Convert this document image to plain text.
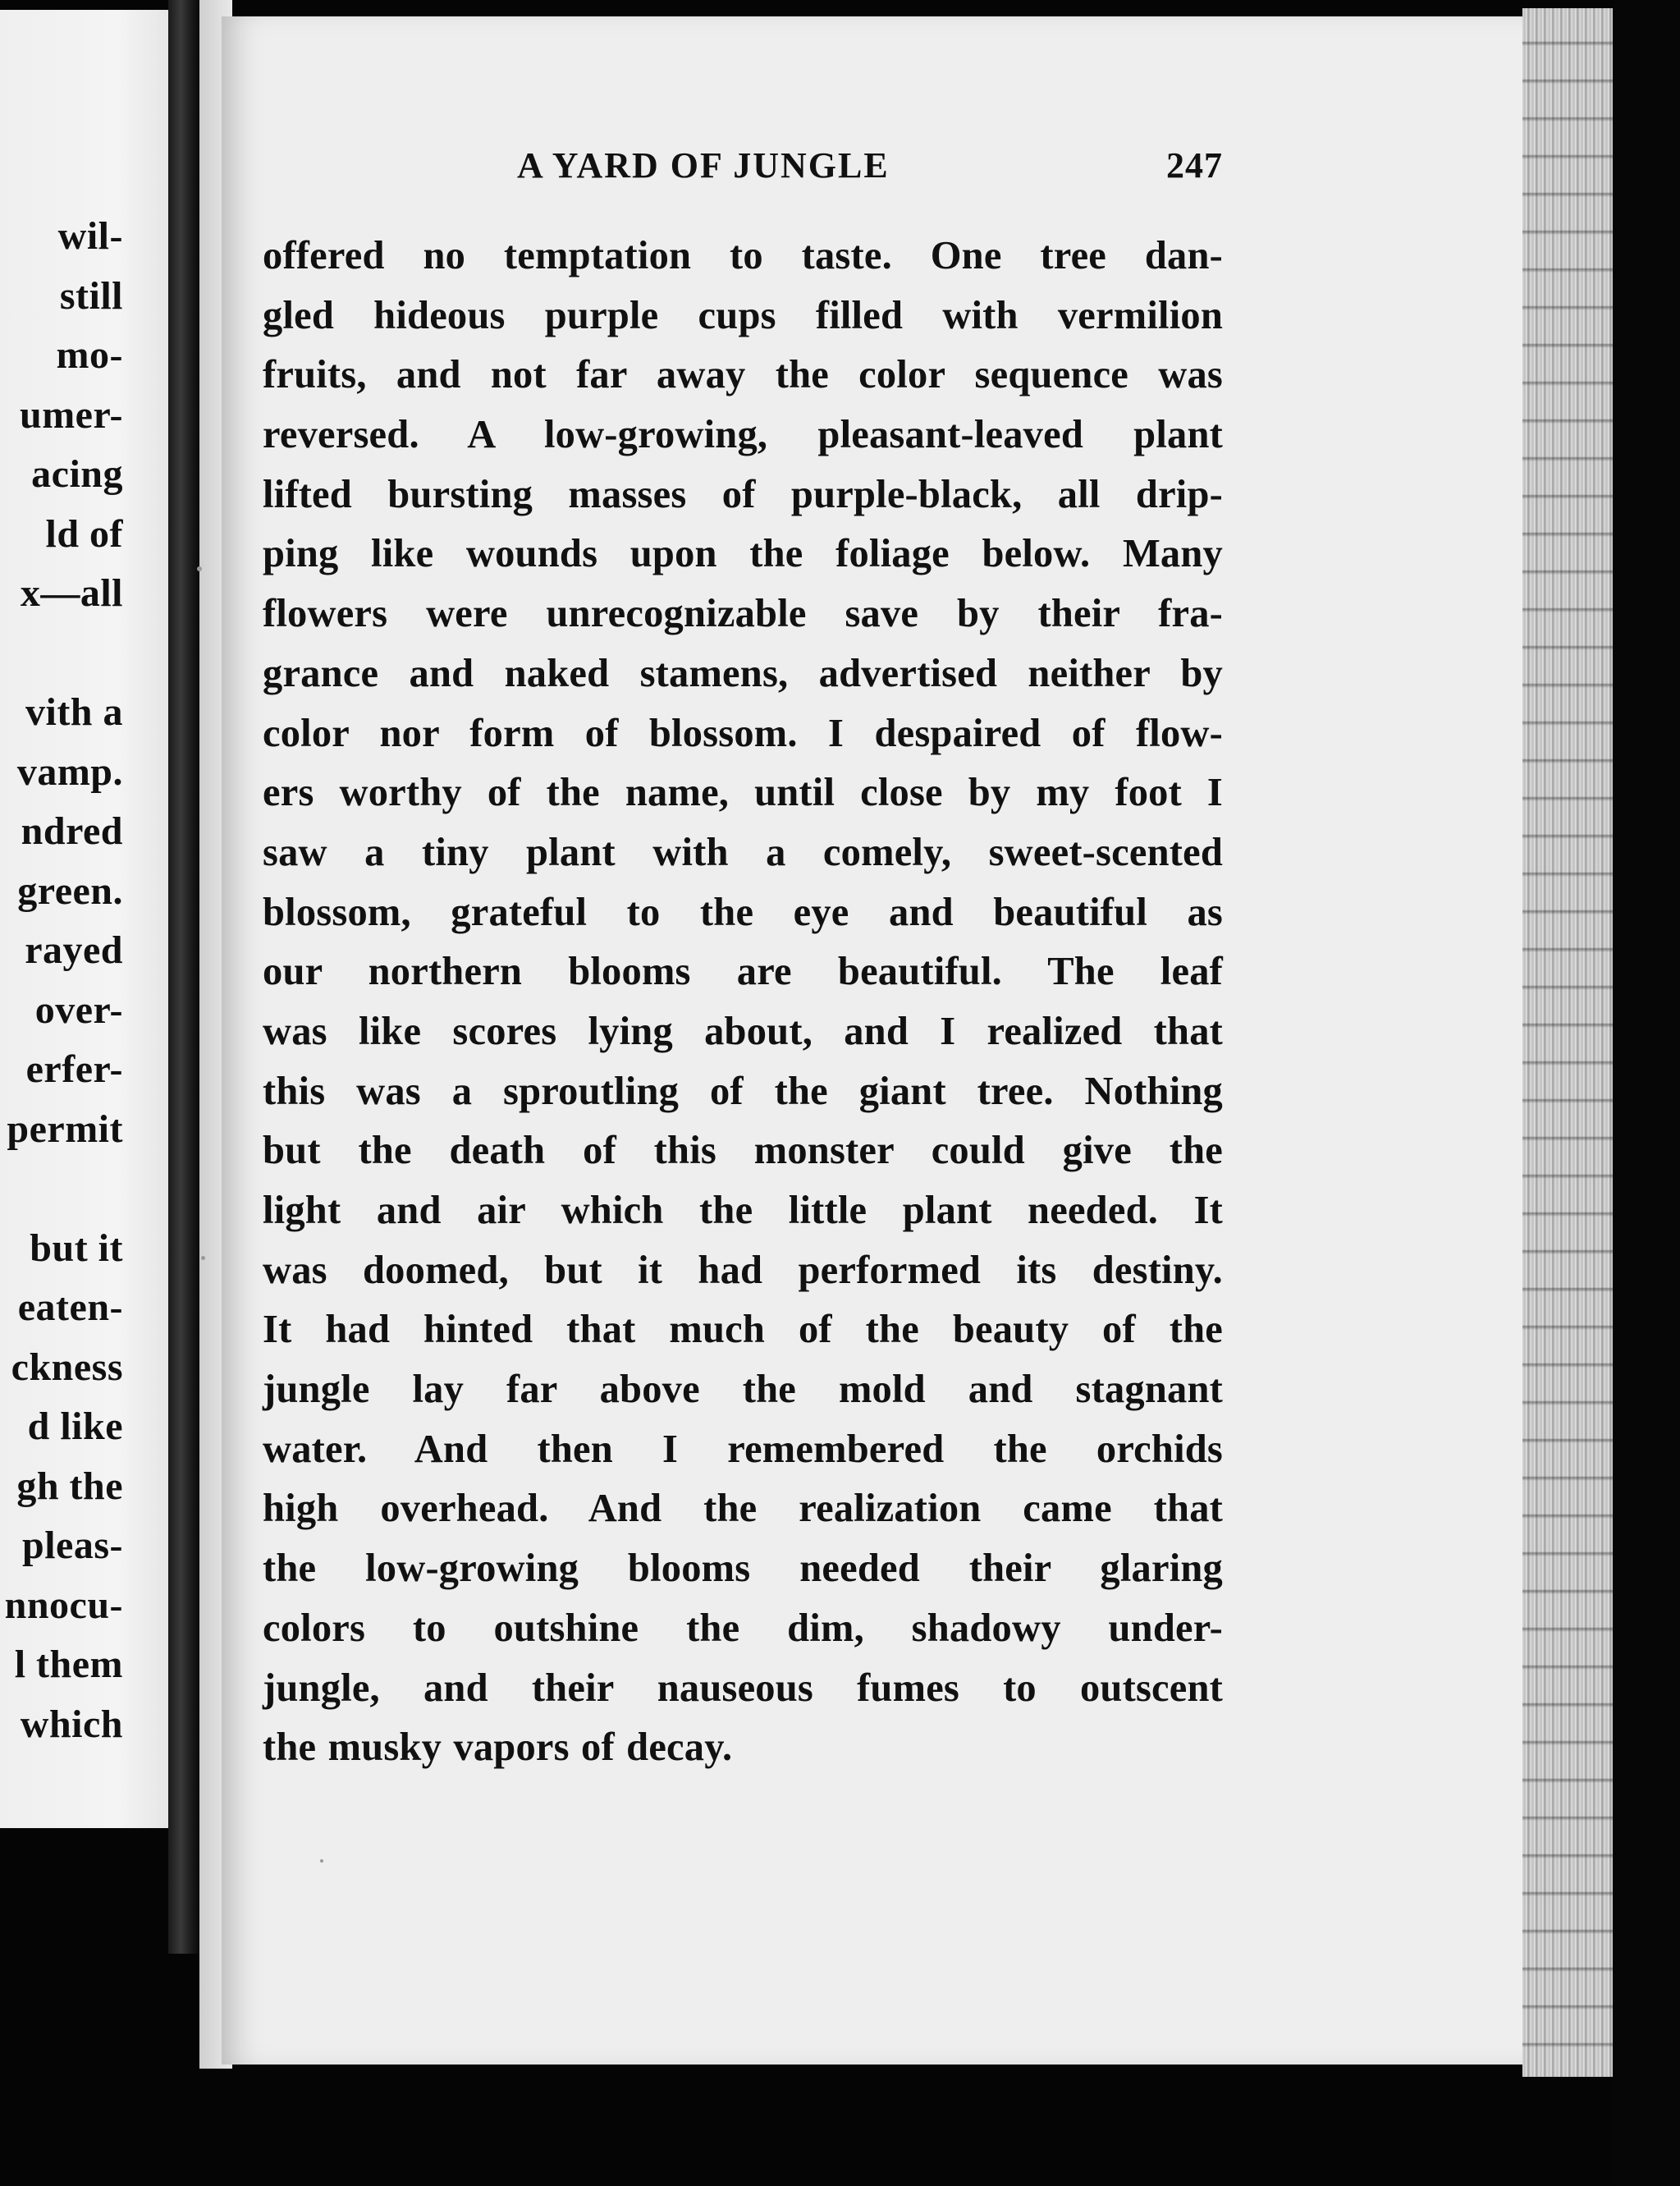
wil-
still
mo-
umer-
acing
ld of
x—all
vith a
vamp.
ndred
green.
rayed
over-
erfer-
permit
but it
eaten-
ckness
d like
gh the
pleas-
nnocu-
l them
which
A YARD OF JUNGLE	247
offered no temptation to taste. One tree dan-
gled hideous purple cups filled with vermilion
fruits, and not far away the color sequence was
reversed. A low-growing, pleasant-leaved plant
lifted bursting masses of purple-black, all drip-
ping like wounds upon the foliage below. Many
flowers were unrecognizable save by their fra-
grance and naked stamens, advertised neither by
color nor form of blossom. I despaired of flow-
ers worthy of the name, until close by my foot I
saw a tiny plant with a comely, sweet-scented
blossom, grateful to the eye and beautiful as
our northern blooms are beautiful. The leaf
was like scores lying about, and I realized that
this was a sproutling of the giant tree. Nothing
but the death of this monster could give the
light and air which the little plant needed. It
was doomed, but it had performed its destiny.
It had hinted that much of the beauty of the
jungle lay far above the mold and stagnant
water. And then I remembered the orchids
high overhead. And the realization came that
the low-growing blooms needed their glaring
colors to outshine the dim, shadowy under-
jungle, and their nauseous fumes to outscent
the musky vapors of decay.
